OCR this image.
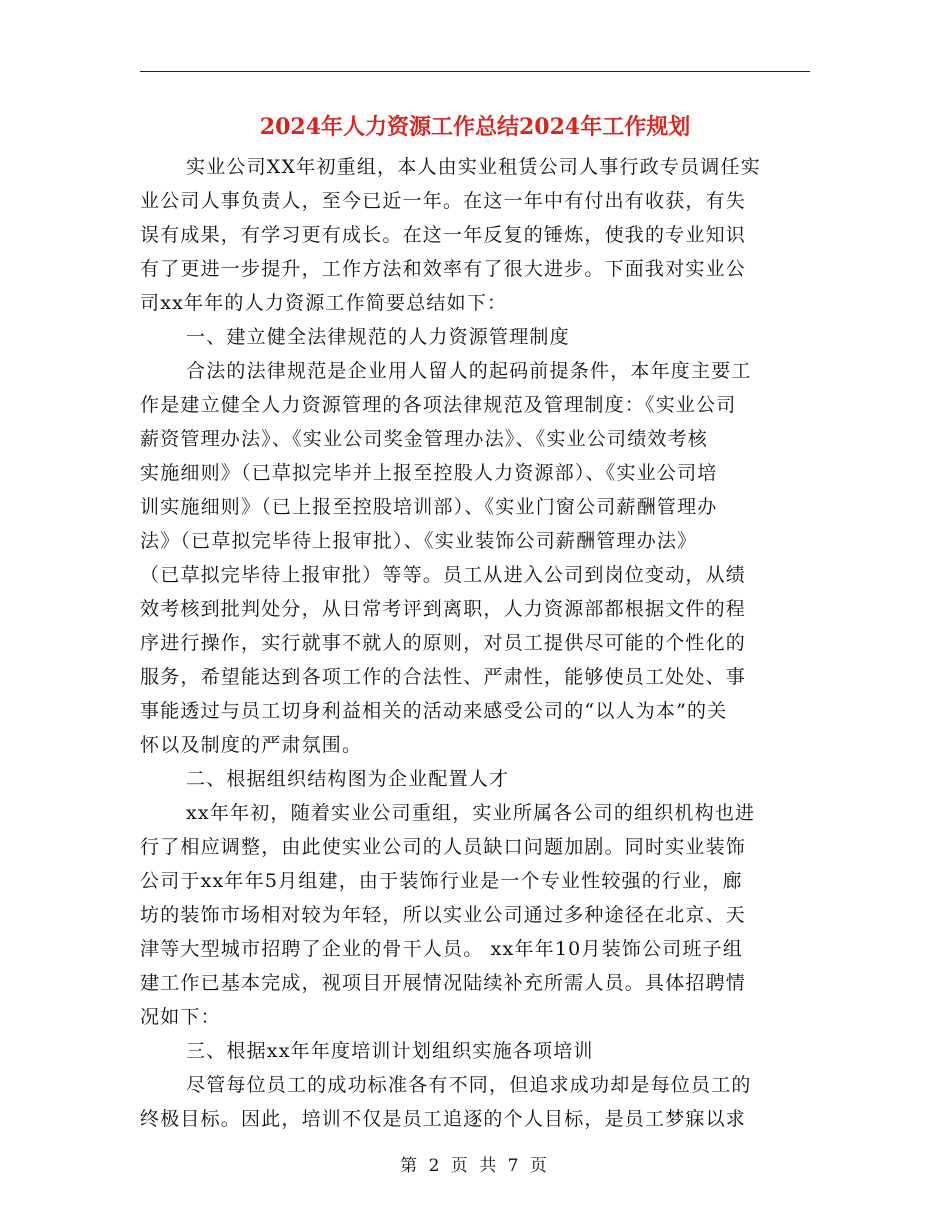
2024年人力资源工作总结2024年工作规划
实业公司XX年初重组，本人由实业租赁公司人事行政专员调任实
业公司人事负责人，至今已近一年。在这一年中有付出有收获，有失
误有成果，有学习更有成长。在这一年反复的锤炼，使我的专业知识
有了更进一步提升，工作方法和效率有了很大进步。下面我对实业公
司xx年年的人力资源工作简要总结如下：
一、建立健全法律规范的人力资源管理制度
合法的法律规范是企业用人留人的起码前提条件，本年度主要工
作是建立健全人力资源管理的各项法律规范及管理制度：《实业公司
薪资管理办法》、《实业公司奖金管理办法》、《实业公司绩效考核
实施细则》（已草拟完毕并上报至控股人力资源部）、《实业公司培
训实施细则》（已上报至控股培训部）、《实业门窗公司薪酬管理办
法》（已草拟完毕待上报审批）、《实业装饰公司薪酬管理办法》
（已草拟完毕待上报审批）等等。员工从进入公司到岗位变动，从绩
效考核到批判处分，从日常考评到离职，人力资源部都根据文件的程
序进行操作，实行就事不就人的原则，对员工提供尽可能的个性化的
服务，希望能达到各项工作的合法性、严肃性，能够使员工处处、事
事能透过与员工切身利益相关的活动来感受公司的“以人为本”的关
怀以及制度的严肃氛围。
二、根据组织结构图为企业配置人才
xx年年初，随着实业公司重组，实业所属各公司的组织机构也进
行了相应调整，由此使实业公司的人员缺口问题加剧。同时实业装饰
公司于xx年年5月组建，由于装饰行业是一个专业性较强的行业，廊
坊的装饰市场相对较为年轻，所以实业公司通过多种途径在北京、天
津等大型城市招聘了企业的骨干人员。 xx年年10月装饰公司班子组
建工作已基本完成，视项目开展情况陆续补充所需人员。具体招聘情
况如下：
三、根据xx年年度培训计划组织实施各项培训
尽管每位员工的成功标准各有不同，但追求成功却是每位员工的
终极目标。因此，培训不仅是员工追逐的个人目标，是员工梦寐以求
第 2 页 共 7 页
